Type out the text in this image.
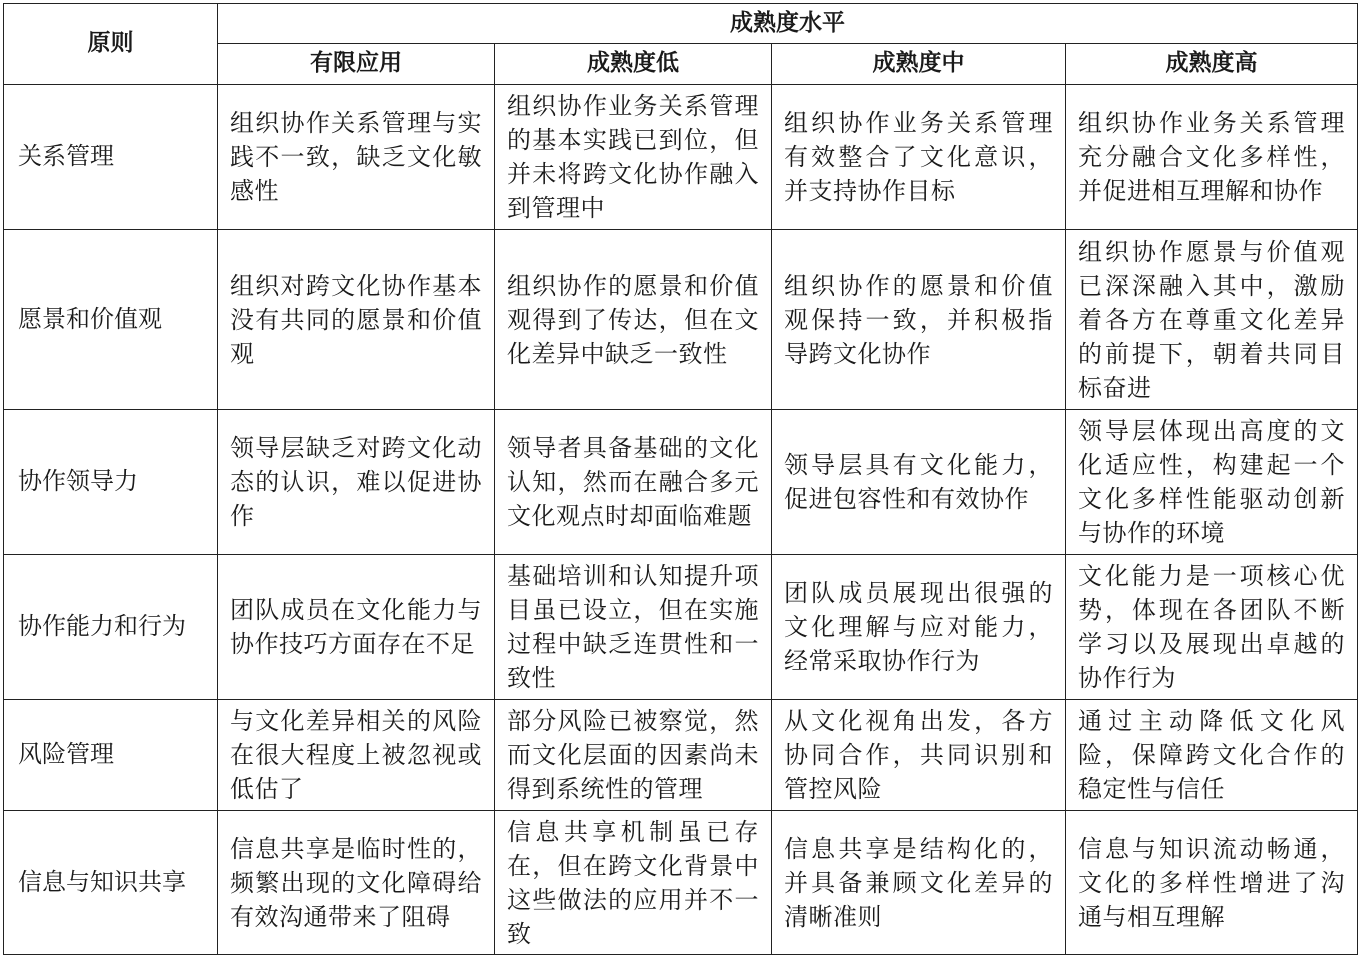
原则	成熟度水平			
	有限应用	成熟度低	成熟度中	成熟度高
关系管理	组织协作关系管理与实践不一致，缺乏文化敏感性	组织协作业务关系管理的基本实践已到位，但并未将跨文化协作融入到管理中	组织协作业务关系管理有效整合了文化意识，并支持协作目标	组织协作业务关系管理充分融合文化多样性，并促进相互理解和协作
愿景和价值观	组织对跨文化协作基本没有共同的愿景和价值观	组织协作的愿景和价值观得到了传达，但在文化差异中缺乏一致性	组织协作的愿景和价值观保持一致，并积极指导跨文化协作	组织协作愿景与价值观已深深融入其中，激励着各方在尊重文化差异的前提下，朝着共同目标奋进
协作领导力	领导层缺乏对跨文化动态的认识，难以促进协作	领导者具备基础的文化认知，然而在融合多元文化观点时却面临难题	领导层具有文化能力，促进包容性和有效协作	领导层体现出高度的文化适应性，构建起一个文化多样性能驱动创新与协作的环境
协作能力和行为	团队成员在文化能力与协作技巧方面存在不足	基础培训和认知提升项目虽已设立，但在实施过程中缺乏连贯性和一致性	团队成员展现出很强的文化理解与应对能力，经常采取协作行为	文化能力是一项核心优势，体现在各团队不断学习以及展现出卓越的协作行为
风险管理	与文化差异相关的风险在很大程度上被忽视或低估了	部分风险已被察觉，然而文化层面的因素尚未得到系统性的管理	从文化视角出发，各方协同合作，共同识别和管控风险	通过主动降低文化风险，保障跨文化合作的稳定性与信任
信息与知识共享	信息共享是临时性的，频繁出现的文化障碍给有效沟通带来了阻碍	信息共享机制虽已存在，但在跨文化背景中这些做法的应用并不一致	信息共享是结构化的，并具备兼顾文化差异的清晰准则	信息与知识流动畅通，文化的多样性增进了沟通与相互理解
